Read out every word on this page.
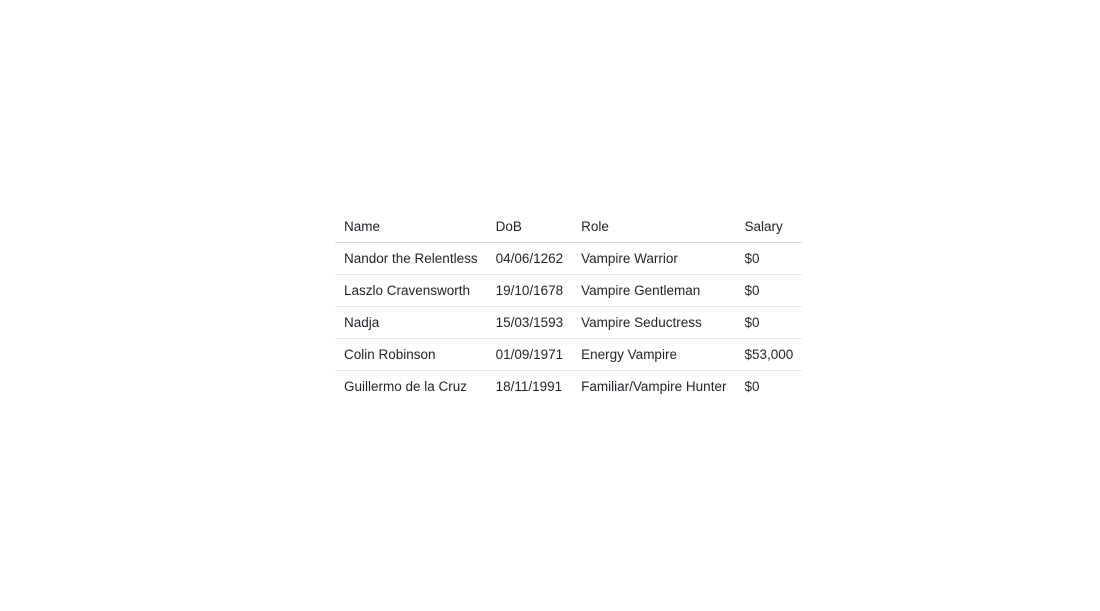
Name	DoB	Role	Salary
Nandor the Relentless	04/06/1262	Vampire Warrior	$0
Laszlo Cravensworth	19/10/1678	Vampire Gentleman	$0
Nadja	15/03/1593	Vampire Seductress	$0
Colin Robinson	01/09/1971	Energy Vampire	$53,000
Guillermo de la Cruz	18/11/1991	Familiar/Vampire Hunter	$0
